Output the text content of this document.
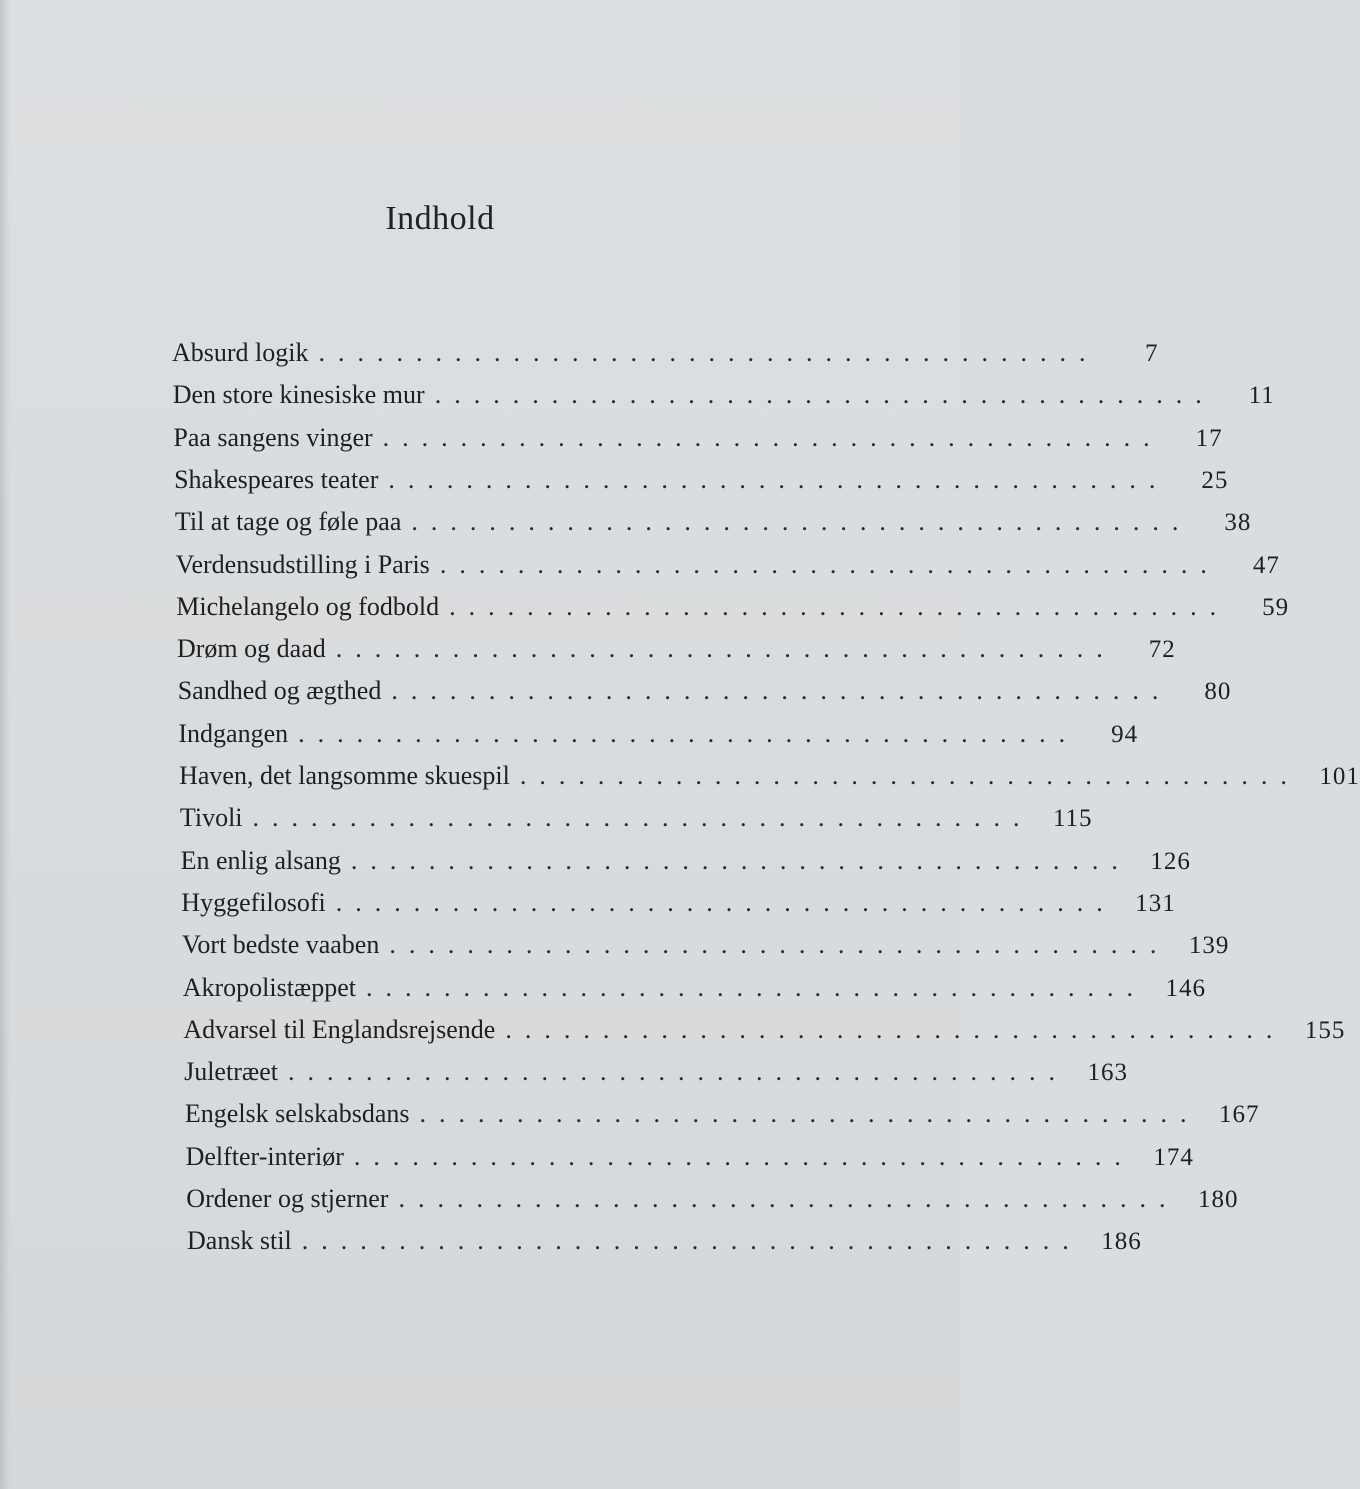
Indhold
Absurd logik ........................................	7
Den store kinesiske mur ........................................	11
Paa sangens vinger ........................................	17
Shakespeares teater ........................................	25
Til at tage og føle paa ........................................	38
Verdensudstilling i Paris ........................................	47
Michelangelo og fodbold ........................................	59
Drøm og daad ........................................	72
Sandhed og ægthed ........................................	80
Indgangen ........................................	94
Haven, det langsomme skuespil ........................................ 101
Tivoli ........................................ 115
En enlig alsang ........................................ 126
Hyggefilosofi ........................................ 131
Vort bedste vaaben ........................................ 139
Akropolistæppet ........................................ 146
Advarsel til Englandsrejsende ........................................ 155
Juletræet ........................................ 163
Engelsk selskabsdans ........................................ 167
Delfter-interiør ........................................ 174
Ordener og stjerner ........................................ 180
Dansk stil ........................................ 186
